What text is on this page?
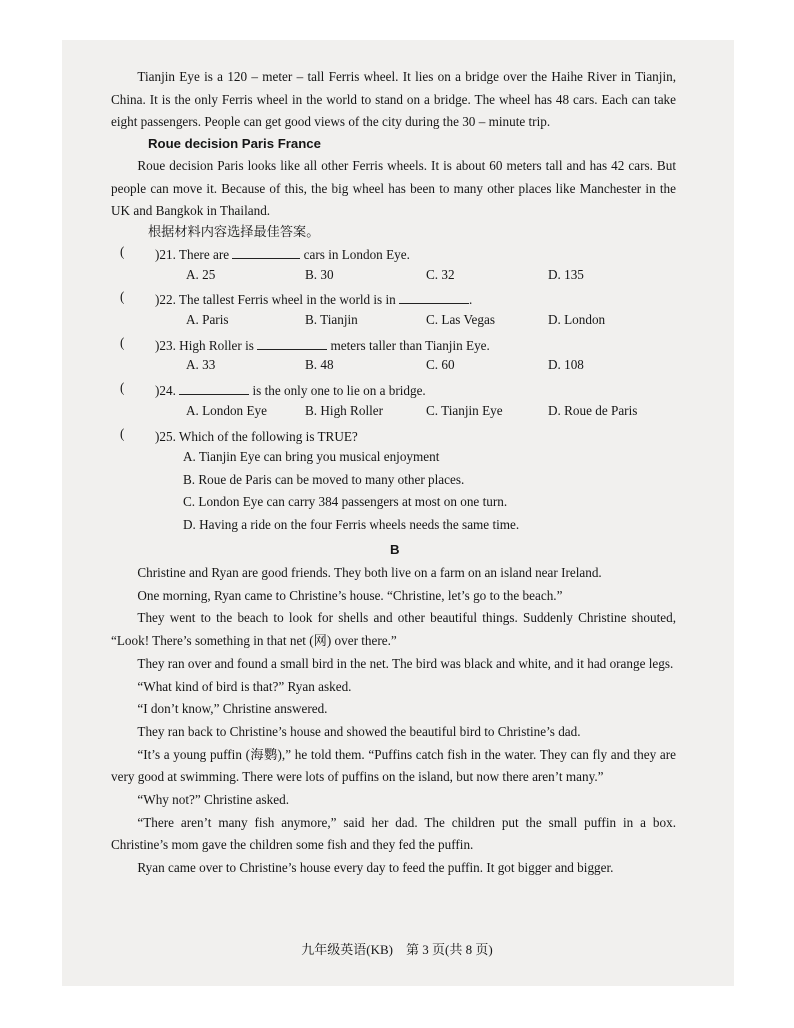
Tianjin Eye is a 120 – meter – tall Ferris wheel. It lies on a bridge over the Haihe River in Tianjin, China. It is the only Ferris wheel in the world to stand on a bridge. The wheel has 48 cars. Each can take eight passengers. People can get good views of the city during the 30 – minute trip.
Roue decision Paris France
Roue decision Paris looks like all other Ferris wheels. It is about 60 meters tall and has 42 cars. But people can move it. Because of this, the big wheel has been to many other places like Manchester in the UK and Bangkok in Thailand.
根据材料内容选择最佳答案。
( )21. There are	cars in London Eye.
A. 25	B. 30	C. 32	D. 135
( )22. The tallest Ferris wheel in the world is in	.
A. Paris	B. Tianjin	C. Las Vegas	D. London
( )23. High Roller is	meters taller than Tianjin Eye.
A. 33	B. 48	C. 60	D. 108
( )24.	is the only one to lie on a bridge.
A. London Eye	B. High Roller	C. Tianjin Eye	D. Roue de Paris
( )25. Which of the following is TRUE?
A. Tianjin Eye can bring you musical enjoyment
B. Roue de Paris can be moved to many other places.
C. London Eye can carry 384 passengers at most on one turn.
D. Having a ride on the four Ferris wheels needs the same time.
B
Christine and Ryan are good friends. They both live on a farm on an island near Ireland.
One morning, Ryan came to Christine’s house. “Christine, let’s go to the beach.”
They went to the beach to look for shells and other beautiful things. Suddenly Christine shouted, “Look! There’s something in that net (网) over there.”
They ran over and found a small bird in the net. The bird was black and white, and it had orange legs.
“What kind of bird is that?” Ryan asked.
“I don’t know,” Christine answered.
They ran back to Christine’s house and showed the beautiful bird to Christine’s dad.
“It’s a young puffin (海鹦),” he told them. “Puffins catch fish in the water. They can fly and they are very good at swimming. There were lots of puffins on the island, but now there aren’t many.”
“Why not?” Christine asked.
“There aren’t many fish anymore,” said her dad. The children put the small puffin in a box. Christine’s mom gave the children some fish and they fed the puffin.
Ryan came over to Christine’s house every day to feed the puffin. It got bigger and bigger.
九年级英语(KB)　第 3 页(共 8 页)
